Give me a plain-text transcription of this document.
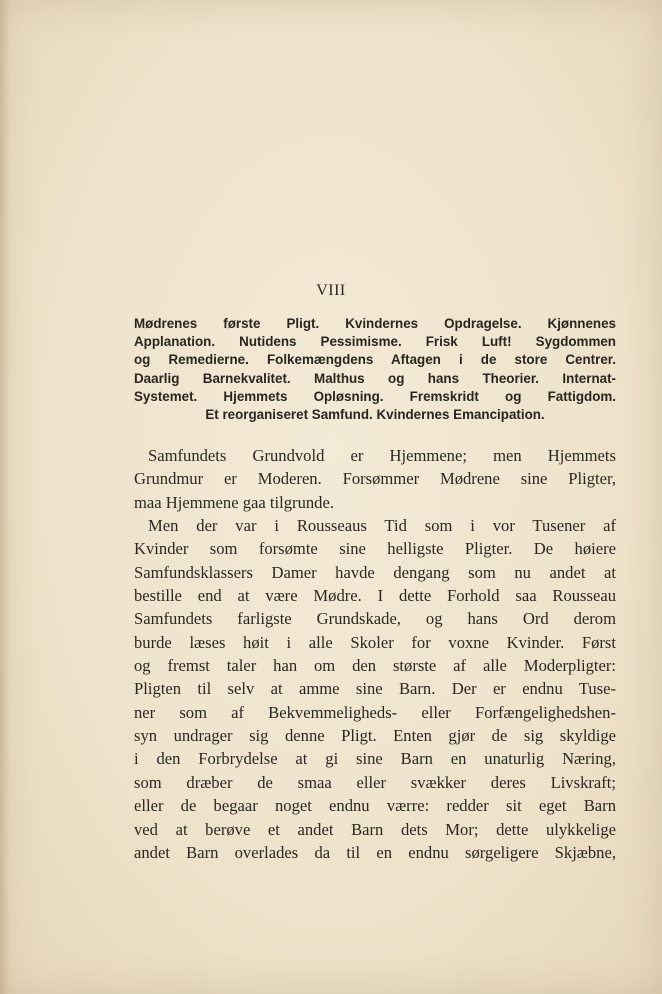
VIII
Mødrenes første Pligt. Kvindernes Opdragelse. Kjønnenes
Applanation. Nutidens Pessimisme. Frisk Luft! Sygdommen
og Remedierne. Folkemængdens Aftagen i de store Centrer.
Daarlig Barnekvalitet. Malthus og hans Theorier. Internat-
Systemet. Hjemmets Opløsning. Fremskridt og Fattigdom.
Et reorganiseret Samfund. Kvindernes Emancipation.
Samfundets Grundvold er Hjemmene; men Hjemmets
Grundmur er Moderen. Forsømmer Mødrene sine Pligter,
maa Hjemmene gaa tilgrunde.
Men der var i Rousseaus Tid som i vor Tusener af
Kvinder som forsømte sine helligste Pligter. De høiere
Samfundsklassers Damer havde dengang som nu andet at
bestille end at være Mødre. I dette Forhold saa Rousseau
Samfundets farligste Grundskade, og hans Ord derom
burde læses høit i alle Skoler for voxne Kvinder. Først
og fremst taler han om den største af alle Moderpligter:
Pligten til selv at amme sine Barn. Der er endnu Tuse-
ner som af Bekvemmeligheds- eller Forfængelighedshen-
syn undrager sig denne Pligt. Enten gjør de sig skyldige
i den Forbrydelse at gi sine Barn en unaturlig Næring,
som dræber de smaa eller svækker deres Livskraft;
eller de begaar noget endnu værre: redder sit eget Barn
ved at berøve et andet Barn dets Mor; dette ulykkelige
andet Barn overlades da til en endnu sørgeligere Skjæbne,
